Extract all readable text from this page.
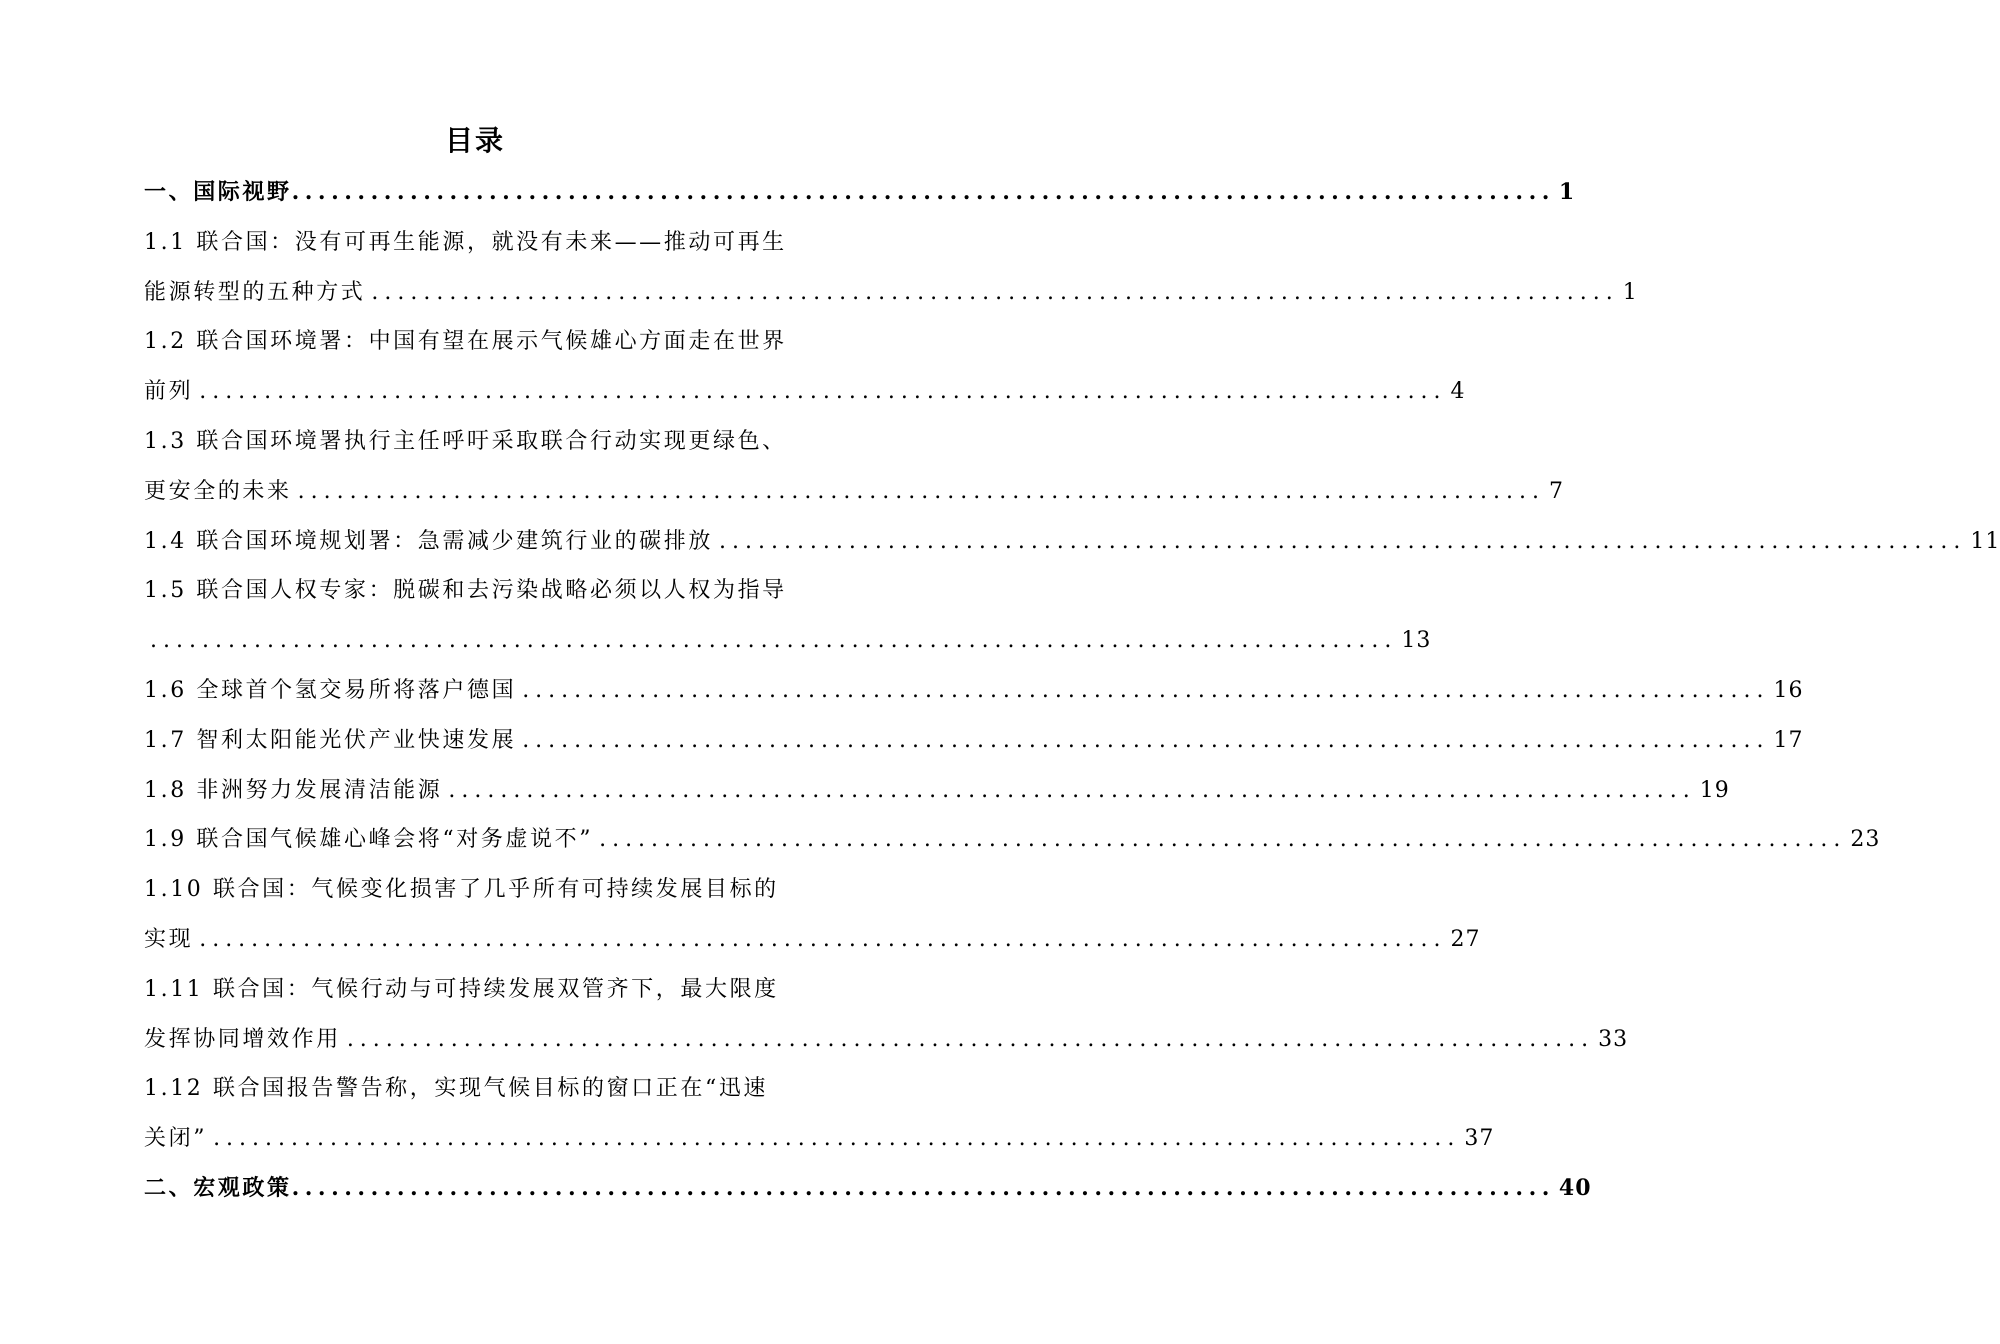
目录
一、国际视野 ................................................................................................ 1
1.1 联合国：没有可再生能源，就没有未来——推动可再生
能源转型的五种方式 ................................................................................................ 1
1.2 联合国环境署：中国有望在展示气候雄心方面走在世界
前列 ................................................................................................ 4
1.3 联合国环境署执行主任呼吁采取联合行动实现更绿色、
更安全的未来 ................................................................................................ 7
1.4 联合国环境规划署：急需减少建筑行业的碳排放 ................................................................................................ 11
1.5 联合国人权专家：脱碳和去污染战略必须以人权为指导
................................................................................................ 13
1.6 全球首个氢交易所将落户德国 ................................................................................................ 16
1.7 智利太阳能光伏产业快速发展 ................................................................................................ 17
1.8 非洲努力发展清洁能源 ................................................................................................ 19
1.9 联合国气候雄心峰会将“对务虚说不” ................................................................................................ 23
1.10 联合国：气候变化损害了几乎所有可持续发展目标的
实现 ................................................................................................ 27
1.11 联合国：气候行动与可持续发展双管齐下，最大限度
发挥协同增效作用 ................................................................................................ 33
1.12 联合国报告警告称，实现气候目标的窗口正在“迅速
关闭” ................................................................................................ 37
二、宏观政策 ................................................................................................ 40
